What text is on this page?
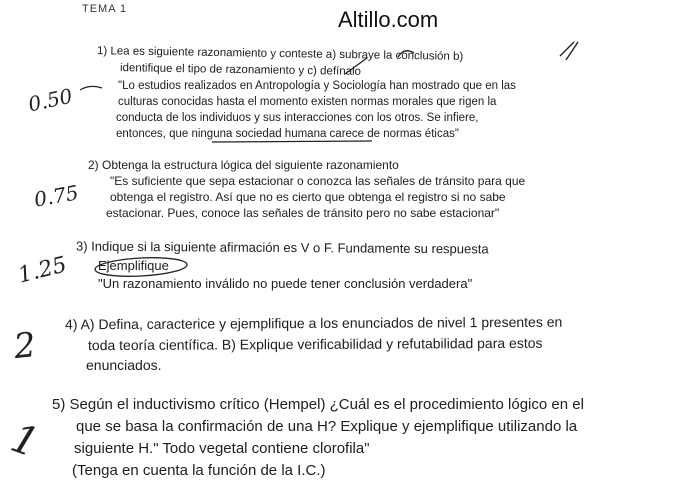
TEMA 1	Altillo.com
1) Lea es siguiente razonamiento y conteste a) subraye la conclusión b)
identifique el tipo de razonamiento y c) defínalo
"Lo estudios realizados en Antropología y Sociología han mostrado que en las
culturas conocidas hasta el momento existen normas morales que rigen la
conducta de los individuos y sus interacciones con los otros. Se infiere,
entonces, que ninguna sociedad humana carece de normas éticas"
2) Obtenga la estructura lógica del siguiente razonamiento
"Es suficiente que sepa estacionar o conozca las señales de tránsito para que
obtenga el registro. Así que no es cierto que obtenga el registro si no sabe
estacionar. Pues, conoce las señales de tránsito pero no sabe estacionar"
3) Indique si la siguiente afirmación es V o F. Fundamente su respuesta
Ejemplifique
"Un razonamiento inválido no puede tener conclusión verdadera"
4) A) Defina, caracterice y ejemplifique a los enunciados de nivel 1 presentes en
toda teoría científica. B) Explique verificabilidad y refutabilidad para estos
enunciados.
5) Según el inductivismo crítico (Hempel) ¿Cuál es el procedimiento lógico en el
que se basa la confirmación de una H? Explique y ejemplifique utilizando la
siguiente H." Todo vegetal contiene clorofila"
(Tenga en cuenta la función de la I.C.)
0.50
0.75
1.25
2
1
